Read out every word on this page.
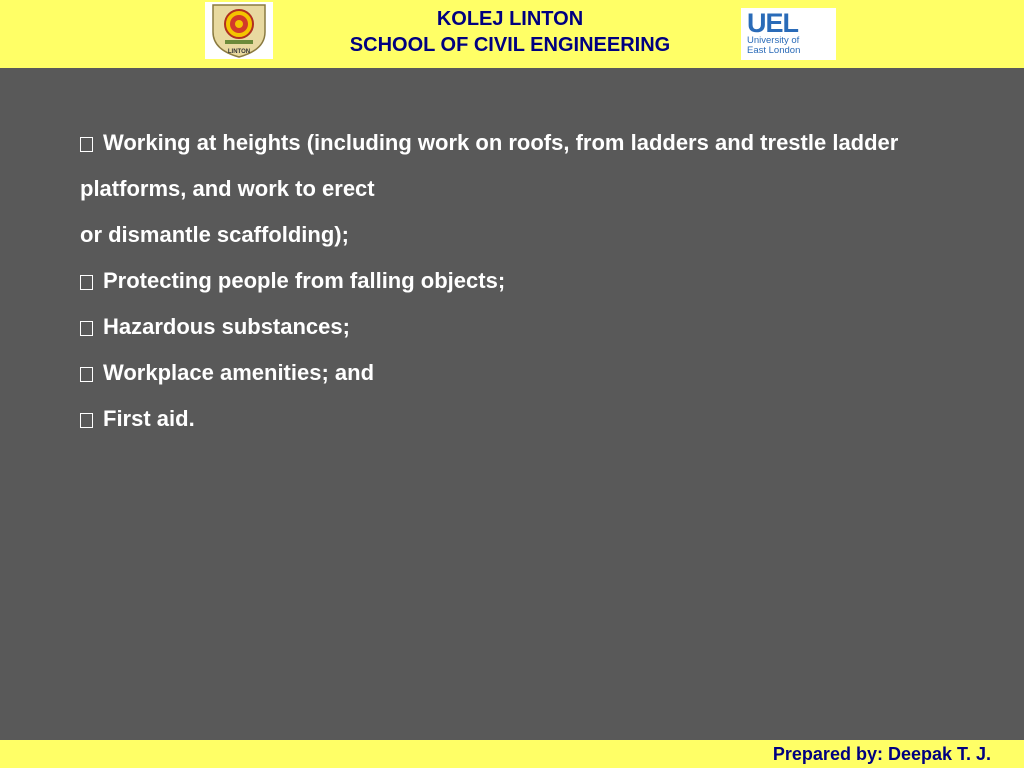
LINTON
KOLEJ LINTON
SCHOOL OF CIVIL ENGINEERING
UEL
University of
East London

Working at heights (including work on roofs, from ladders and trestle ladder platforms, and work to erect

or dismantle scaffolding);

Protecting people from falling objects;

Hazardous substances;

Workplace amenities; and

First aid.

Prepared by: Deepak T. J.
